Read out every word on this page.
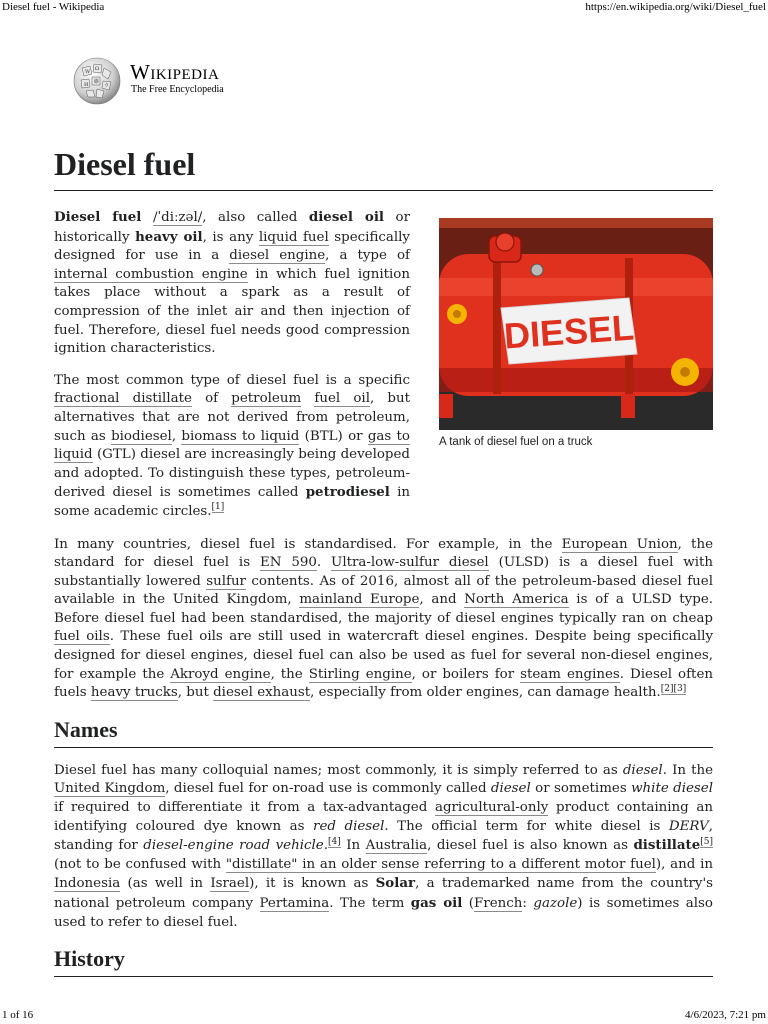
Diesel fuel - Wikipedia	https://en.wikipedia.org/wiki/Diesel_fuel
W Ω
維
И	ウ
Wikipedia
The Free Encyclopedia
Diesel fuel
DIESEL
A tank of diesel fuel on a truck

Diesel fuel /ˈdiːzəl/, also called diesel oil or historically heavy oil, is any liquid fuel specifically designed for use in a diesel engine, a type of internal combustion engine in which fuel ignition takes place without a spark as a result of compression of the inlet air and then injection of fuel. Therefore, diesel fuel needs good compression ignition characteristics.

The most common type of diesel fuel is a specific fractional distillate of petroleum fuel oil, but alternatives that are not derived from petroleum, such as biodiesel, biomass to liquid (BTL) or gas to liquid (GTL) diesel are increasingly being developed and adopted. To distinguish these types, petroleum-derived diesel is sometimes called petrodiesel in some academic circles.[1]

In many countries, diesel fuel is standardised. For example, in the European Union, the standard for diesel fuel is EN 590. Ultra-low-sulfur diesel (ULSD) is a diesel fuel with substantially lowered sulfur contents. As of 2016, almost all of the petroleum-based diesel fuel available in the United Kingdom, mainland Europe, and North America is of a ULSD type. Before diesel fuel had been standardised, the majority of diesel engines typically ran on cheap fuel oils. These fuel oils are still used in watercraft diesel engines. Despite being specifically designed for diesel engines, diesel fuel can also be used as fuel for several non-diesel engines, for example the Akroyd engine, the Stirling engine, or boilers for steam engines. Diesel often fuels heavy trucks, but diesel exhaust, especially from older engines, can damage health.[2][3]

Names

Diesel fuel has many colloquial names; most commonly, it is simply referred to as diesel. In the United Kingdom, diesel fuel for on-road use is commonly called diesel or sometimes white diesel if required to differentiate it from a tax-advantaged agricultural-only product containing an identifying coloured dye known as red diesel. The official term for white diesel is DERV, standing for diesel-engine road vehicle.[4] In Australia, diesel fuel is also known as distillate[5] (not to be confused with "distillate" in an older sense referring to a different motor fuel), and in Indonesia (as well in Israel), it is known as Solar, a trademarked name from the country's national petroleum company Pertamina. The term gas oil (French: gazole) is sometimes also used to refer to diesel fuel.

History
1 of 16	4/6/2023, 7:21 pm
